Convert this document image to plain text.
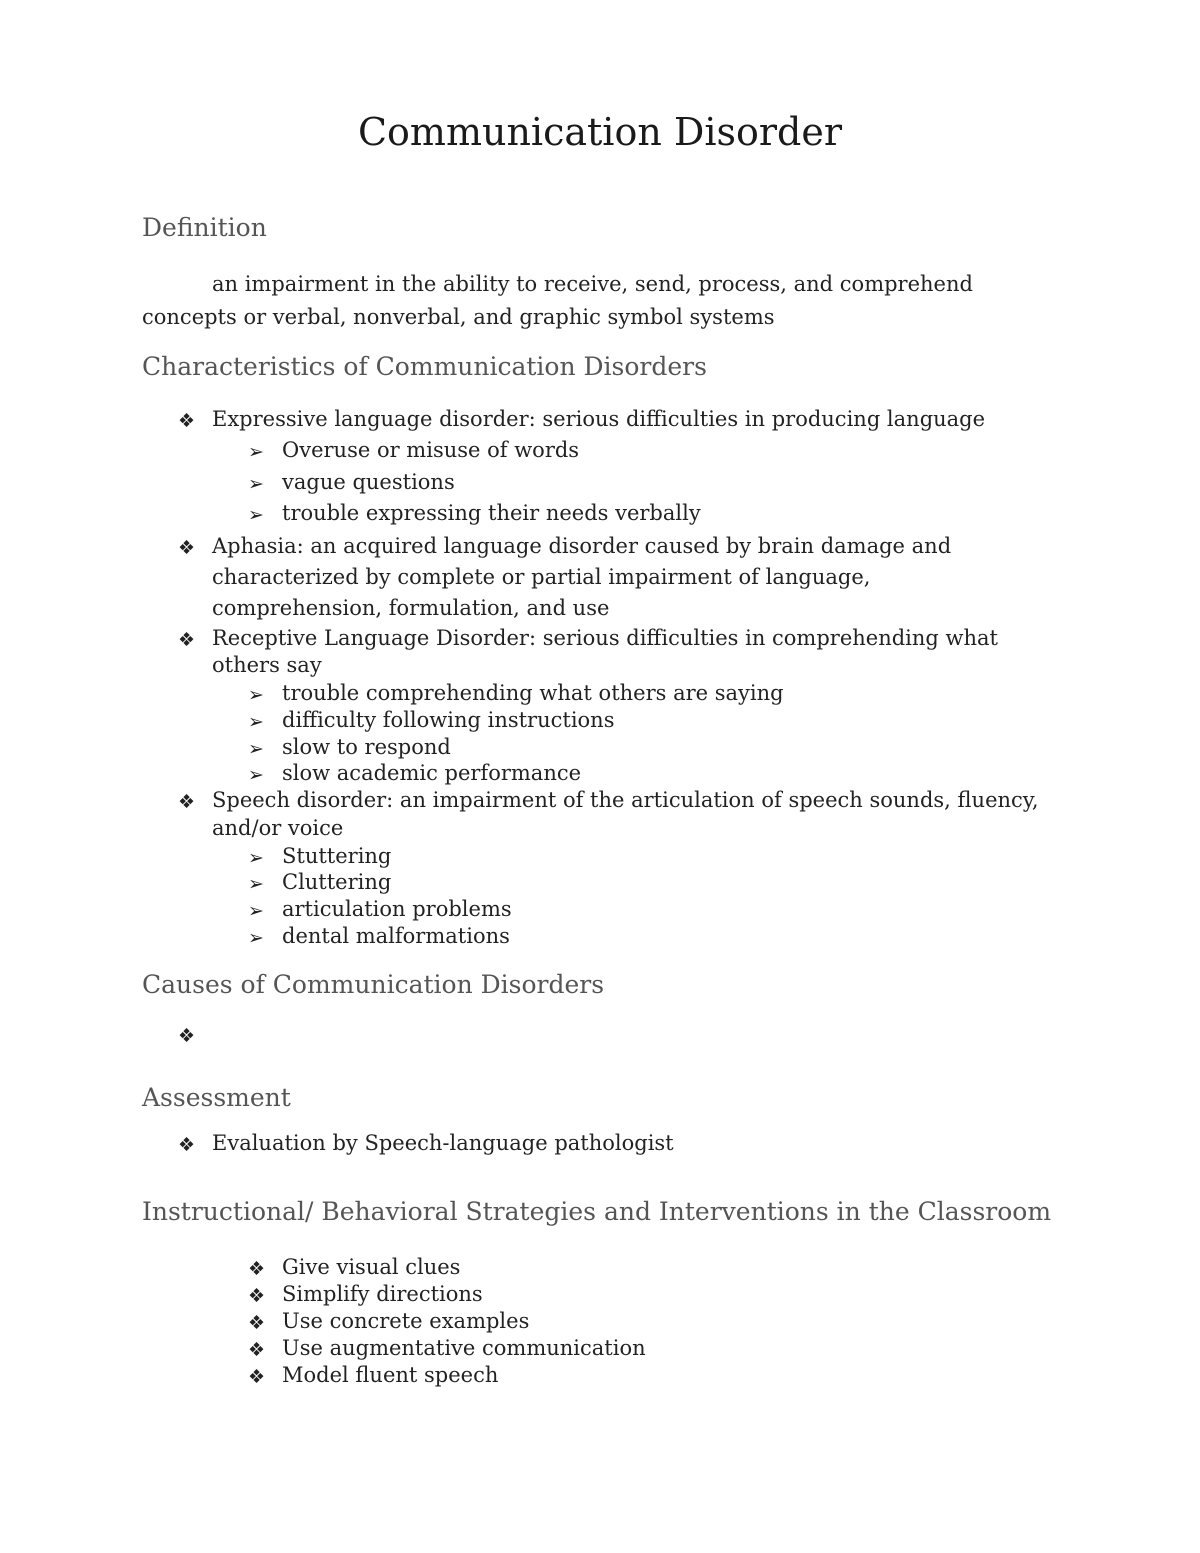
Communication Disorder
Definition
an impairment in the ability to receive, send, process, and comprehend
concepts or verbal, nonverbal, and graphic symbol systems
Characteristics of Communication Disorders
❖ Expressive language disorder: serious difficulties in producing language
➢ Overuse or misuse of words
➢ vague questions
➢ trouble expressing their needs verbally
❖ Aphasia: an acquired language disorder caused by brain damage and
characterized by complete or partial impairment of language,
comprehension, formulation, and use
❖ Receptive Language Disorder: serious difficulties in comprehending what
others say
➢ trouble comprehending what others are saying
➢ difficulty following instructions
➢ slow to respond
➢ slow academic performance
❖ Speech disorder: an impairment of the articulation of speech sounds, fluency,
and/or voice
➢ Stuttering
➢ Cluttering
➢ articulation problems
➢ dental malformations
Causes of Communication Disorders
❖
Assessment
❖ Evaluation by Speech-language pathologist
Instructional/ Behavioral Strategies and Interventions in the Classroom
❖ Give visual clues
❖ Simplify directions
❖ Use concrete examples
❖ Use augmentative communication
❖ Model fluent speech
